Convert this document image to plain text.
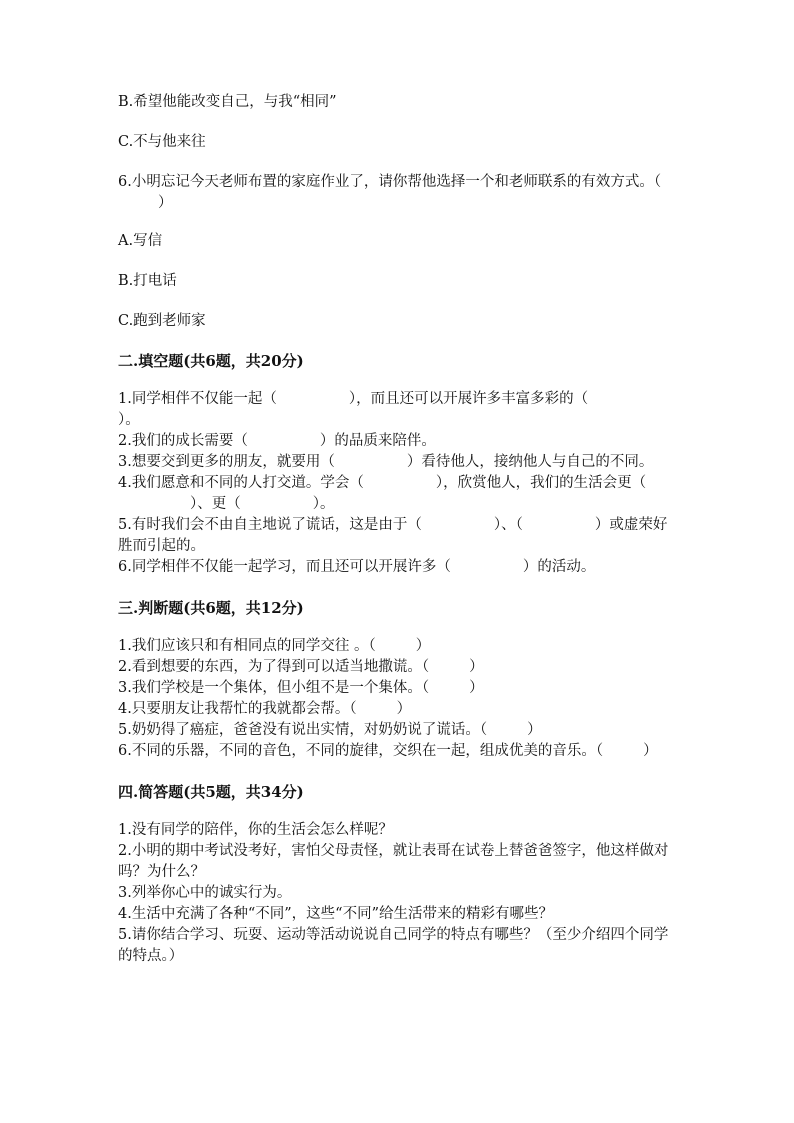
B.希望他能改变自己，与我“相同”
C.不与他来往
6.小明忘记今天老师布置的家庭作业了，请你帮他选择一个和老师联系的有效方式。（）
A.写信
B.打电话
C.跑到老师家
二.填空题(共6题，共20分)
1.同学相伴不仅能一起（	），而且还可以开展许多丰富多彩的（）。
2.我们的成长需要（	）的品质来陪伴。
3.想要交到更多的朋友，就要用（	）看待他人，接纳他人与自己的不同。
4.我们愿意和不同的人打交道。学会（	），欣赏他人，我们的生活会更（）、更（	）。
5.有时我们会不由自主地说了谎话，这是由于（	）、（	）或虚荣好胜而引起的。
6.同学相伴不仅能一起学习，而且还可以开展许多（	）的活动。
三.判断题(共6题，共12分)
1.我们应该只和有相同点的同学交往 。（	）
2.看到想要的东西，为了得到可以适当地撒谎。（	）
3.我们学校是一个集体，但小组不是一个集体。（	）
4.只要朋友让我帮忙的我就都会帮。（	）
5.奶奶得了癌症，爸爸没有说出实情，对奶奶说了谎话。（	）
6.不同的乐器，不同的音色，不同的旋律，交织在一起，组成优美的音乐。（	）
四.简答题(共5题，共34分)
1.没有同学的陪伴，你的生活会怎么样呢？
2.小明的期中考试没考好，害怕父母责怪，就让表哥在试卷上替爸爸签字，他这样做对吗？为什么？
3.列举你心中的诚实行为。
4.生活中充满了各种“不同”，这些“不同”给生活带来的精彩有哪些？
5.请你结合学习、玩耍、运动等活动说说自己同学的特点有哪些？（至少介绍四个同学的特点。）
